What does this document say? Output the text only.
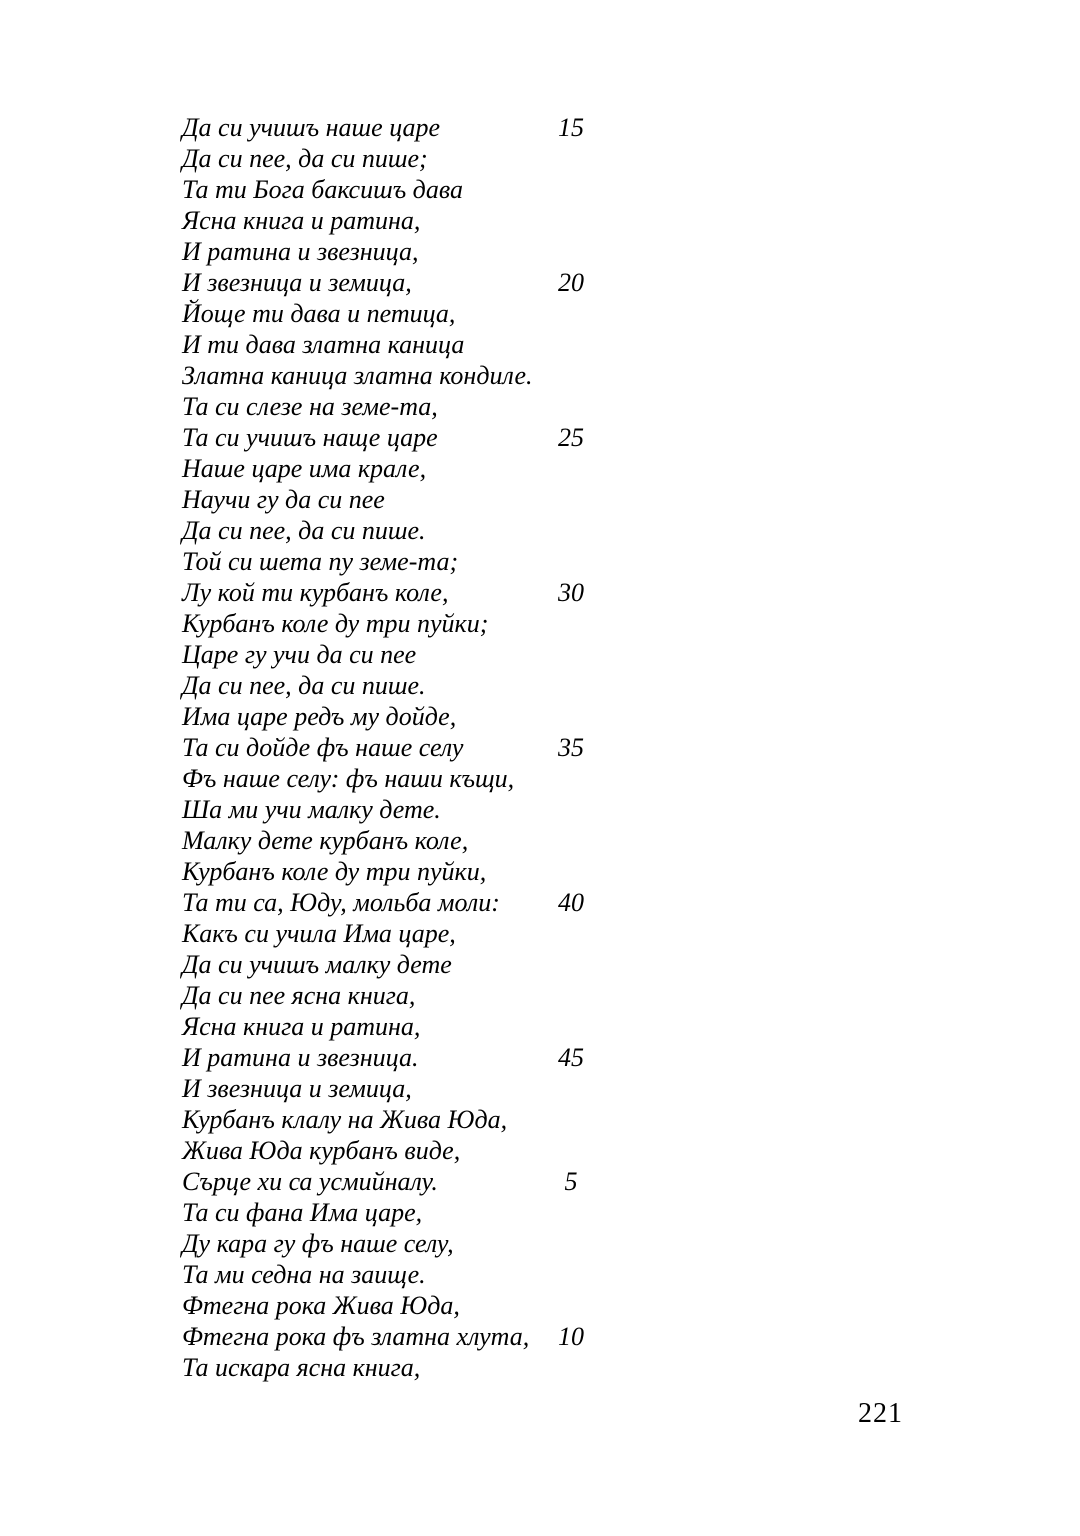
Да си учишъ наше царе	15
Да си пее, да си пише;
Та ти Бога баксишъ дава
Ясна книга и ратина,
И ратина и звезница,
И звезница и земица,	20
Йоще ти дава и петица,
И ти дава златна каница
Златна каница златна кондиле.
Та си слезе на земе-та,
Та си учишъ наще царе	25
Наше царе има крале,
Научи гу да си пее
Да си пее, да си пише.
Той си шета пу земе-та;
Лу кой ти курбанъ коле,	30
Курбанъ коле ду три пуйки;
Царе гу учи да си пее
Да си пее, да си пише.
Има царе редъ му дойде,
Та си дойде фъ наше селу	35
Фъ наше селу: фъ наши къщи,
Ша ми учи малку дете.
Малку дете курбанъ коле,
Курбанъ коле ду три пуйки,
Та ти са, Юду, мольба моли:	40
Какъ си учила Има царе,
Да си учишъ малку дете
Да си пее ясна книга,
Ясна книга и ратина,
И ратина и звезница.	45
И звезница и земица,
Курбанъ клалу на Жива Юда,
Жива Юда курбанъ виде,
Сърце хи са усмийналу.	5
Та си фана Има царе,
Ду кара гу фъ наше селу,
Та ми седна на заище.
Фтегна рока Жива Юда,
Фтегна рока фъ златна хлута,	10
Та искара ясна книга,
221
